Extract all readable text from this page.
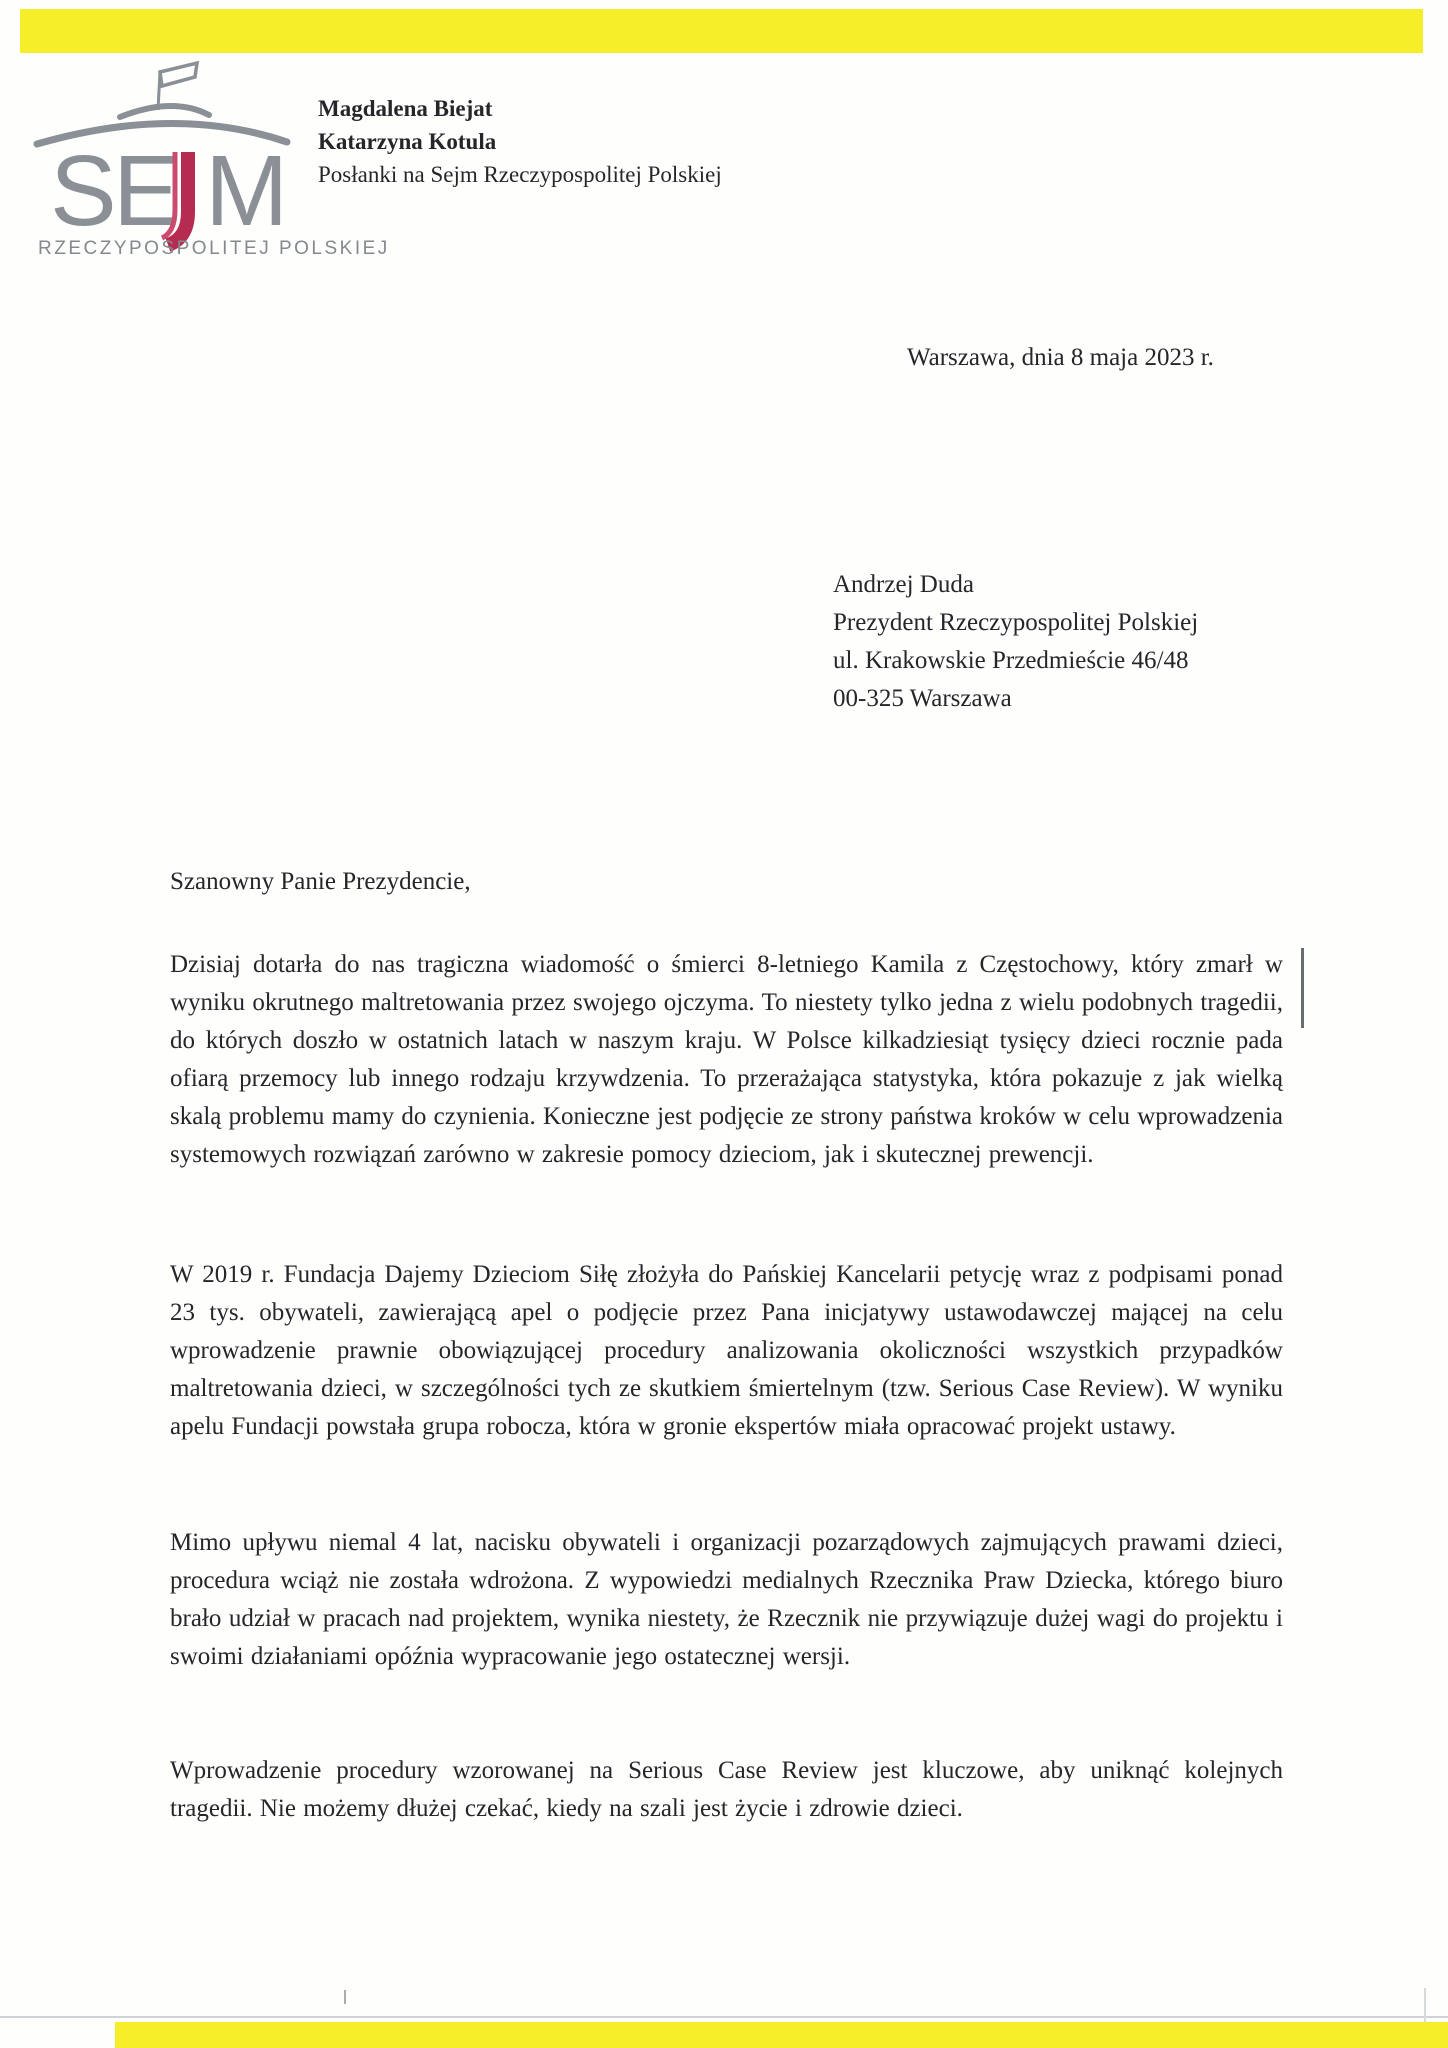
S
E M
RZECZYPOSPOLITEJ POLSKIEJ
Magdalena Biejat
Katarzyna Kotula
Posłanki na Sejm Rzeczypospolitej Polskiej
Warszawa, dnia 8 maja 2023 r.
Andrzej Duda
Prezydent Rzeczypospolitej Polskiej
ul. Krakowskie Przedmieście 46/48
00-325 Warszawa
Szanowny Panie Prezydencie,
Dzisiaj dotarła do nas tragiczna wiadomość o śmierci 8-letniego Kamila z Częstochowy, który zmarł w wyniku okrutnego maltretowania przez swojego ojczyma. To niestety tylko jedna z wielu podobnych tragedii, do których doszło w ostatnich latach w naszym kraju. W Polsce kilkadziesiąt tysięcy dzieci rocznie pada ofiarą przemocy lub innego rodzaju krzywdzenia. To przerażająca statystyka, która pokazuje z jak wielką skalą problemu mamy do czynienia. Konieczne jest podjęcie ze strony państwa kroków w celu wprowadzenia systemowych rozwiązań zarówno w zakresie pomocy dzieciom, jak i skutecznej prewencji.
W 2019 r. Fundacja Dajemy Dzieciom Siłę złożyła do Pańskiej Kancelarii petycję wraz z podpisami ponad 23 tys. obywateli, zawierającą apel o podjęcie przez Pana inicjatywy ustawodawczej mającej na celu wprowadzenie prawnie obowiązującej procedury analizowania okoliczności wszystkich przypadków maltretowania dzieci, w szczególności tych ze skutkiem śmiertelnym (tzw. Serious Case Review). W wyniku apelu Fundacji powstała grupa robocza, która w gronie ekspertów miała opracować projekt ustawy.
Mimo upływu niemal 4 lat, nacisku obywateli i organizacji pozarządowych zajmujących prawami dzieci, procedura wciąż nie została wdrożona. Z wypowiedzi medialnych Rzecznika Praw Dziecka, którego biuro brało udział w pracach nad projektem, wynika niestety, że Rzecznik nie przywiązuje dużej wagi do projektu i swoimi działaniami opóźnia wypracowanie jego ostatecznej wersji.
Wprowadzenie procedury wzorowanej na Serious Case Review jest kluczowe, aby uniknąć kolejnych tragedii. Nie możemy dłużej czekać, kiedy na szali jest życie i zdrowie dzieci.
